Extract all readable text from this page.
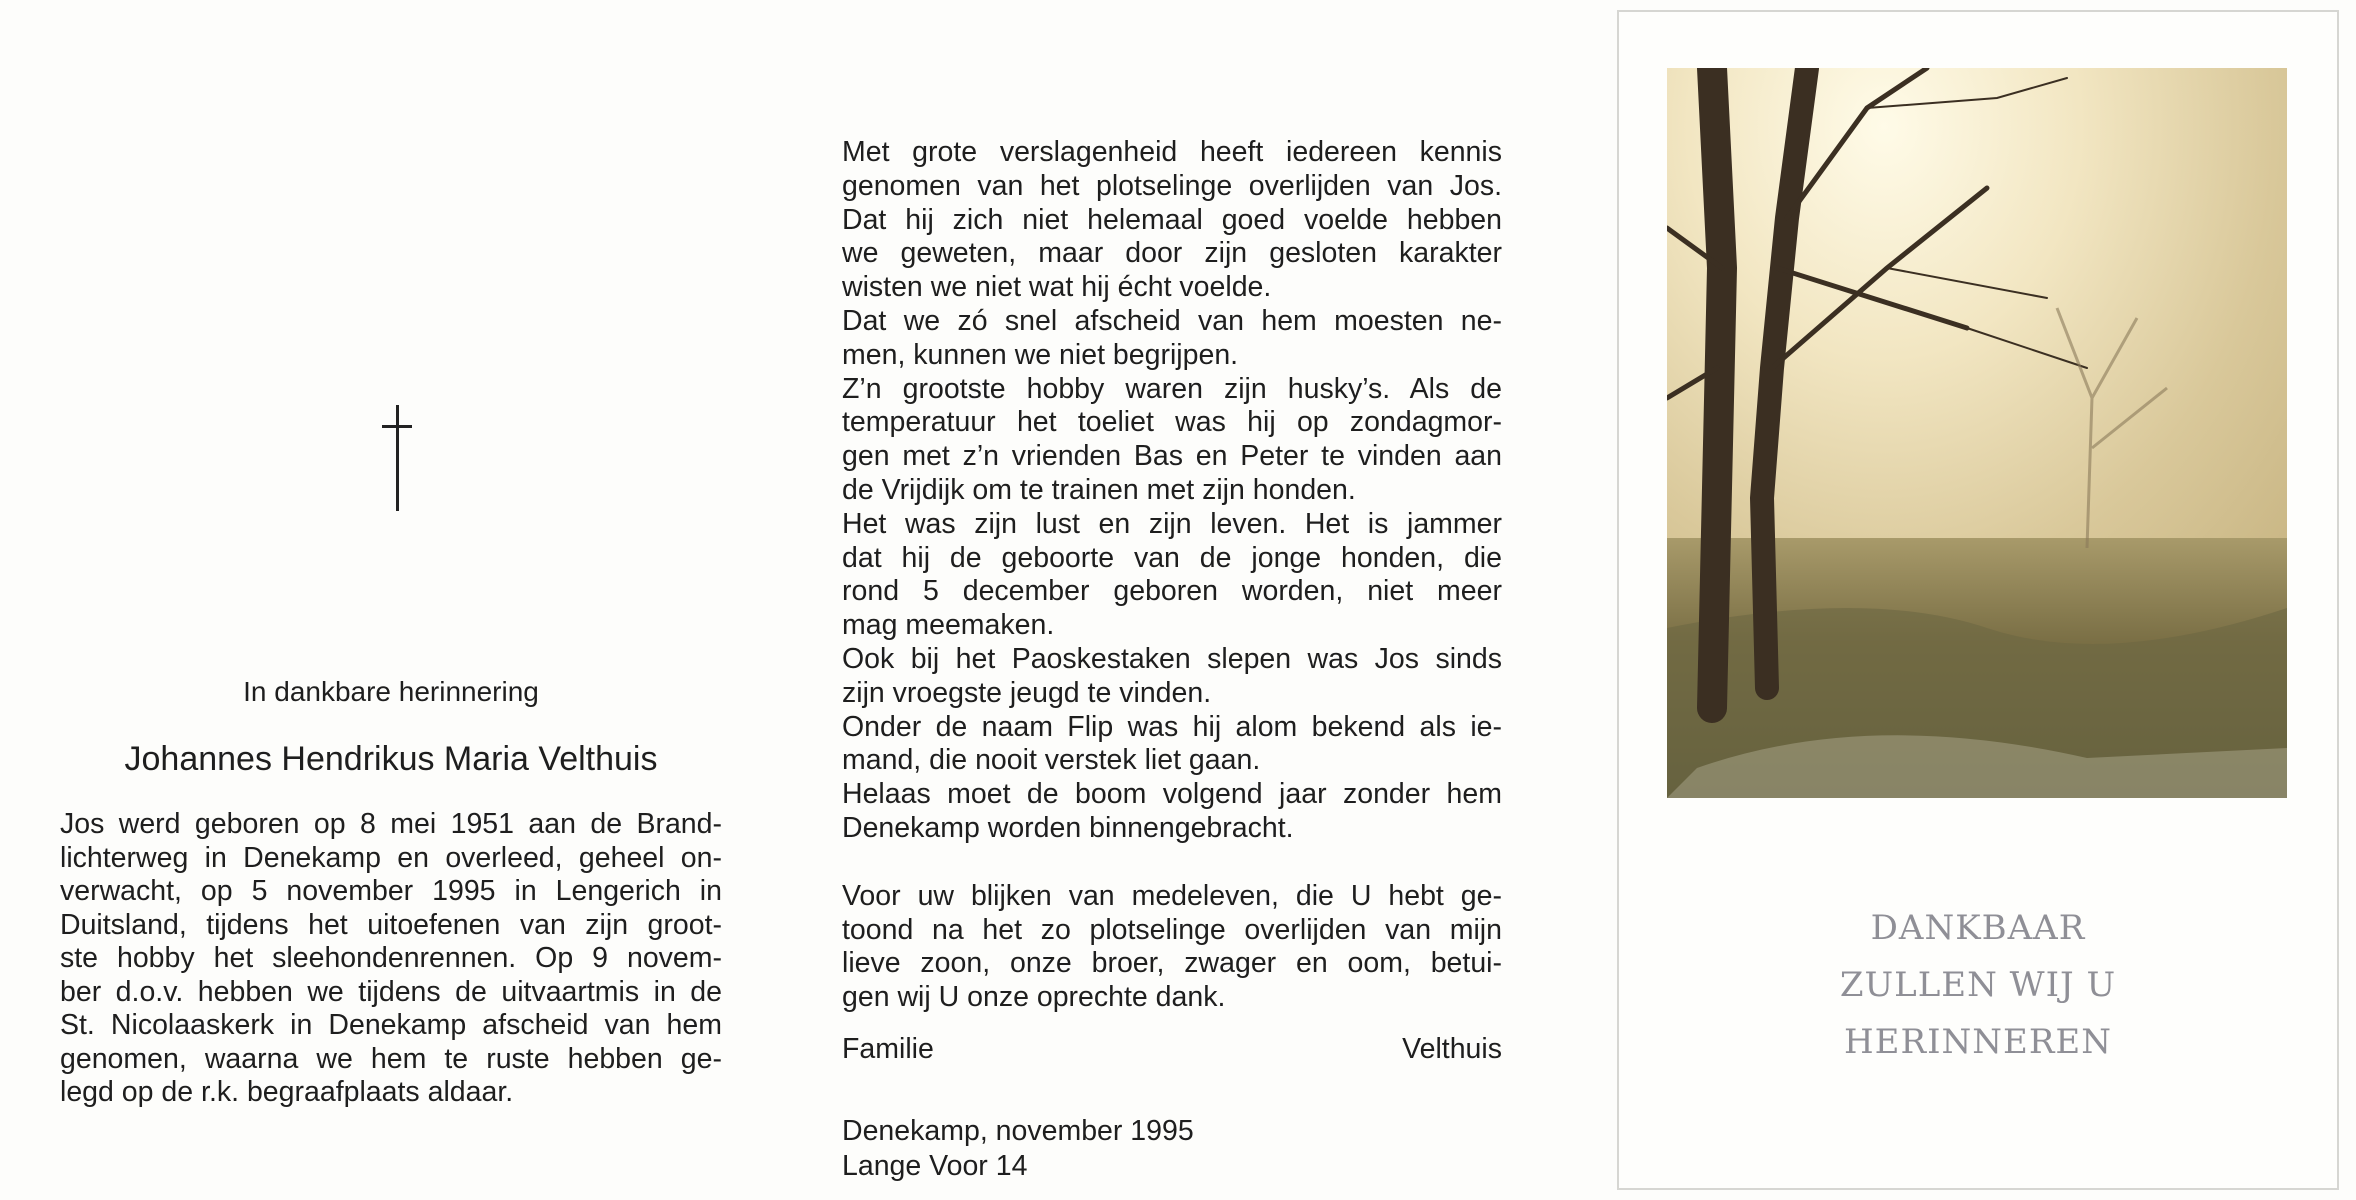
In dankbare herinnering
Johannes Hendrikus Maria Velthuis
Jos werd geboren op 8 mei 1951 aan de Brand-
lichterweg in Denekamp en overleed, geheel on-
verwacht, op 5 november 1995 in Lengerich in
Duitsland, tijdens het uitoefenen van zijn groot-
ste hobby het sleehondenrennen. Op 9 novem-
ber d.o.v. hebben we tijdens de uitvaartmis in de
St. Nicolaaskerk in Denekamp afscheid van hem
genomen, waarna we hem te ruste hebben ge-
legd op de r.k. begraafplaats aldaar.
Met grote verslagenheid heeft iedereen kennis
genomen van het plotselinge overlijden van Jos.
Dat hij zich niet helemaal goed voelde hebben
we geweten, maar door zijn gesloten karakter
wisten we niet wat hij écht voelde.
Dat we zó snel afscheid van hem moesten ne-
men, kunnen we niet begrijpen.
Z’n grootste hobby waren zijn husky’s. Als de
temperatuur het toeliet was hij op zondagmor-
gen met z’n vrienden Bas en Peter te vinden aan
de Vrijdijk om te trainen met zijn honden.
Het was zijn lust en zijn leven. Het is jammer
dat hij de geboorte van de jonge honden, die
rond 5 december geboren worden, niet meer
mag meemaken.
Ook bij het Paoskestaken slepen was Jos sinds
zijn vroegste jeugd te vinden.
Onder de naam Flip was hij alom bekend als ie-
mand, die nooit verstek liet gaan.
Helaas moet de boom volgend jaar zonder hem
Denekamp worden binnengebracht.
Voor uw blijken van medeleven, die U hebt ge-
toond na het zo plotselinge overlijden van mijn
lieve zoon, onze broer, zwager en oom, betui-
gen wij U onze oprechte dank.
Familie Velthuis
Denekamp, november 1995
Lange Voor 14
DANKBAAR
ZULLEN WIJ U
HERINNEREN
